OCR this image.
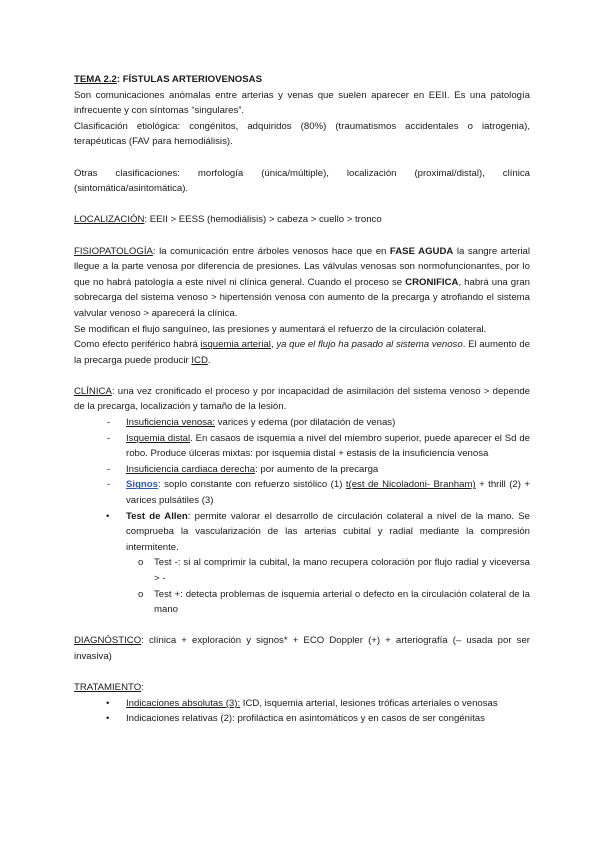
TEMA 2.2: FÍSTULAS ARTERIOVENOSAS

Son comunicaciones anómalas entre arterias y venas que suelen aparecer en EEII. Es una patología infrecuente y con síntomas “singulares”.

Clasificación etiológica: congénitos, adquiridos (80%) (traumatismos accidentales o iatrogenia), terapéuticas (FAV para hemodiálisis).

Otras clasificaciones: morfología (única/múltiple), localización (proximal/distal), clínica (sintomática/asintomática).

LOCALIZACIÓN: EEII > EESS (hemodiálisis) > cabeza > cuello > tronco

FISIOPATOLOGÍA: la comunicación entre árboles venosos hace que en FASE AGUDA la sangre arterial llegue a la parte venosa por diferencia de presiones. Las válvulas venosas son normofuncionantes, por lo que no habrá patología a este nivel ni clínica general. Cuando el proceso se CRONIFICA, habrá una gran sobrecarga del sistema venoso > hipertensión venosa con aumento de la precarga y atrofiando el sistema valvular venoso > aparecerá la clínica.

Se modifican el flujo sanguíneo, las presiones y aumentará el refuerzo de la circulación colateral.

Como efecto periférico habrá isquemia arterial, ya que el flujo ha pasado al sistema venoso. El aumento de la precarga puede producir ICD.

CLÍNICA: una vez cronificado el proceso y por incapacidad de asimilación del sistema venoso > depende de la precarga, localización y tamaño de la lesión.

- Insuficiencia venosa: varices y edema (por dilatación de venas)
- Isquemia distal. En casaos de isquemia a nivel del miembro superior, puede aparecer el Sd de robo. Produce úlceras mixtas: por isquemia distal + estasis de la insuficiencia venosa
- Insuficiencia cardiaca derecha: por aumento de la precarga
- Signos: soplo constante con refuerzo sistólico (1) t(est de Nicoladoni- Branham) + thrill (2) + varices pulsátiles (3)
• Test de Allen: permite valorar el desarrollo de circulación colateral a nivel de la mano. Se comprueba la vascularización de las arterias cubital y radial mediante la compresión intermitente.
o Test -: si al comprimir la cubital, la mano recupera coloración por flujo radial y viceversa > -
o Test +: detecta problemas de isquemia arterial o defecto en la circulación colateral de la mano

DIAGNÓSTICO: clínica + exploración y signos* + ECO Doppler (+) + arteriografía (– usada por ser invasiva)

TRATAMIENTO:

• Indicaciones absolutas (3): ICD, isquemia arterial, lesiones tróficas arteriales o venosas
• Indicaciones relativas (2): profiláctica en asintomáticos y en casos de ser congénitas
